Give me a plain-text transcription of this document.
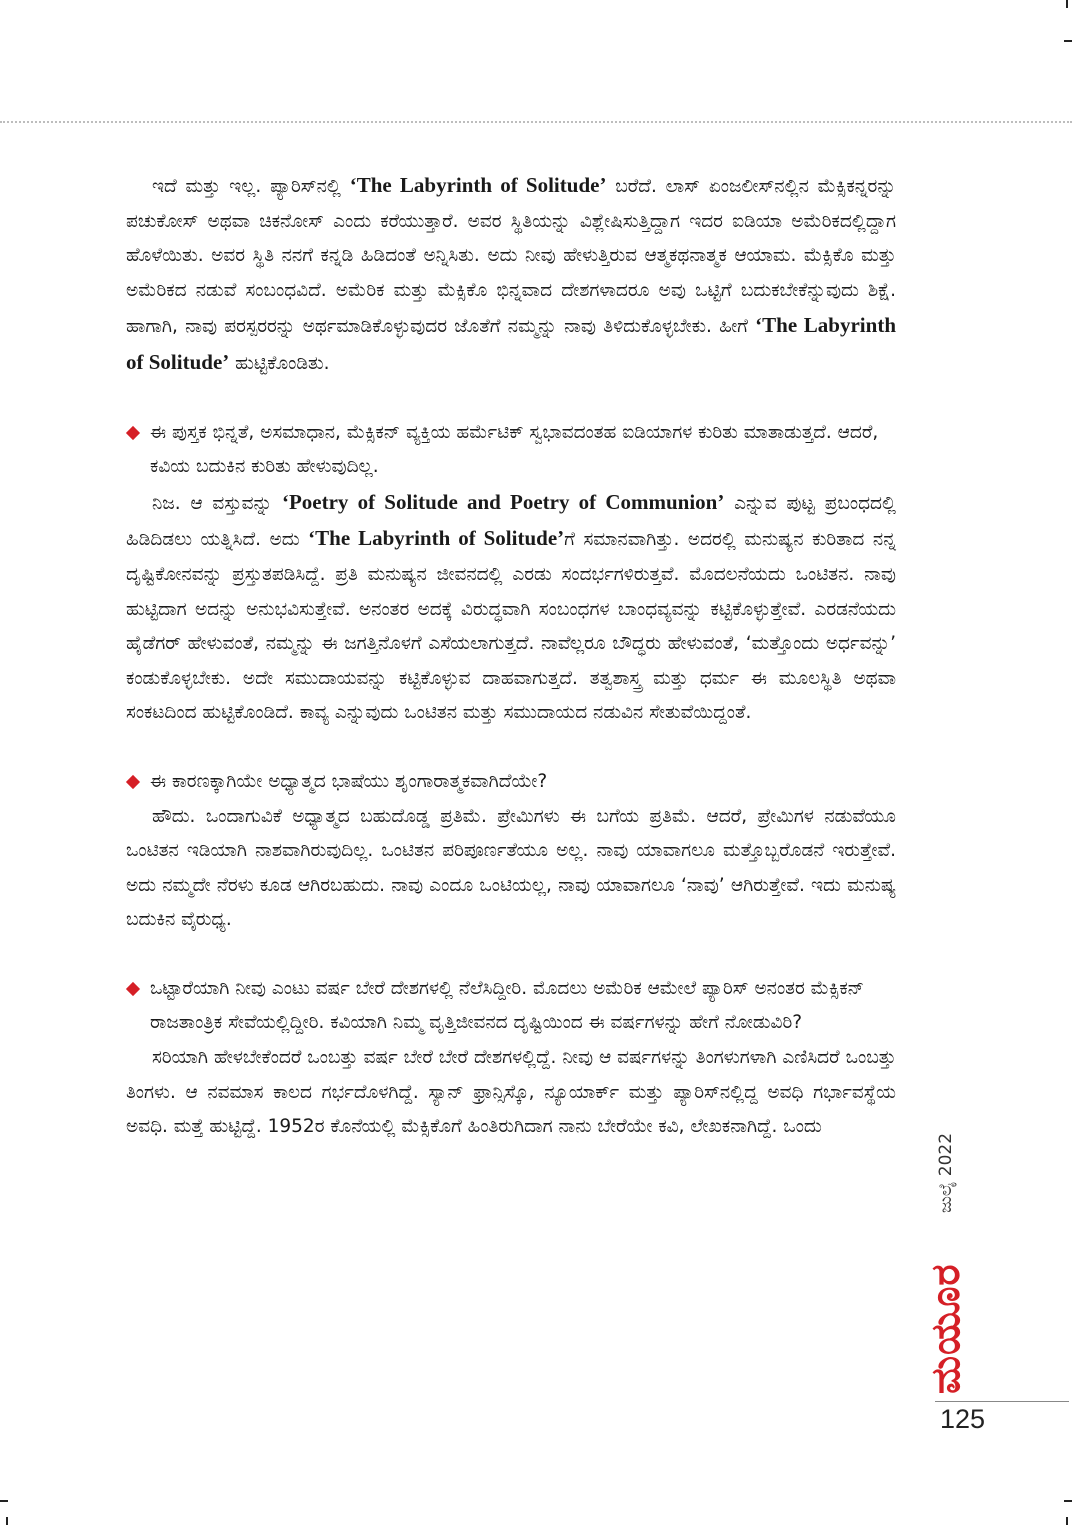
ಇದೆ ಮತ್ತು ಇಲ್ಲ. ಪ್ಯಾರಿಸ್‌ನಲ್ಲಿ ‘The Labyrinth of Solitude’ ಬರೆದೆ. ಲಾಸ್ ಏಂಜಲೀಸ್‌ನಲ್ಲಿನ ಮೆಕ್ಸಿಕನ್ನರನ್ನು ಪಚುಕೋಸ್ ಅಥವಾ ಚಿಕನೋಸ್ ಎಂದು ಕರೆಯುತ್ತಾರೆ. ಅವರ ಸ್ಥಿತಿಯನ್ನು ವಿಶ್ಲೇಷಿಸುತ್ತಿದ್ದಾಗ ಇದರ ಐಡಿಯಾ ಅಮೆರಿಕದಲ್ಲಿದ್ದಾಗ ಹೊಳೆಯಿತು. ಅವರ ಸ್ಥಿತಿ ನನಗೆ ಕನ್ನಡಿ ಹಿಡಿದಂತೆ ಅನ್ನಿಸಿತು. ಅದು ನೀವು ಹೇಳುತ್ತಿರುವ ಆತ್ಮಕಥನಾತ್ಮಕ ಆಯಾಮ. ಮೆಕ್ಸಿಕೊ ಮತ್ತು ಅಮೆರಿಕದ ನಡುವೆ ಸಂಬಂಧವಿದೆ. ಅಮೆರಿಕ ಮತ್ತು ಮೆಕ್ಸಿಕೊ ಭಿನ್ನವಾದ ದೇಶಗಳಾದರೂ ಅವು ಒಟ್ಟಿಗೆ ಬದುಕಬೇಕೆನ್ನುವುದು ಶಿಕ್ಷೆ. ಹಾಗಾಗಿ, ನಾವು ಪರಸ್ಪರರನ್ನು ಅರ್ಥಮಾಡಿಕೊಳ್ಳುವುದರ ಜೊತೆಗೆ ನಮ್ಮನ್ನು ನಾವು ತಿಳಿದುಕೊಳ್ಳಬೇಕು. ಹೀಗೆ ‘The Labyrinth of Solitude’ ಹುಟ್ಟಿಕೊಂಡಿತು.

ಈ ಪುಸ್ತಕ ಭಿನ್ನತೆ, ಅಸಮಾಧಾನ, ಮೆಕ್ಸಿಕನ್ ವ್ಯಕ್ತಿಯ ಹರ್ಮೆಟಿಕ್ ಸ್ವಭಾವದಂತಹ ಐಡಿಯಾಗಳ ಕುರಿತು ಮಾತಾಡುತ್ತದೆ. ಆದರೆ, ಕವಿಯ ಬದುಕಿನ ಕುರಿತು ಹೇಳುವುದಿಲ್ಲ.

ನಿಜ. ಆ ವಸ್ತುವನ್ನು ‘Poetry of Solitude and Poetry of Communion’ ಎನ್ನುವ ಪುಟ್ಟ ಪ್ರಬಂಧದಲ್ಲಿ ಹಿಡಿದಿಡಲು ಯತ್ನಿಸಿದೆ. ಅದು ‘The Labyrinth of Solitude’ಗೆ ಸಮಾನವಾಗಿತ್ತು. ಅದರಲ್ಲಿ ಮನುಷ್ಯನ ಕುರಿತಾದ ನನ್ನ ದೃಷ್ಟಿಕೋನವನ್ನು ಪ್ರಸ್ತುತಪಡಿಸಿದ್ದೆ. ಪ್ರತಿ ಮನುಷ್ಯನ ಜೀವನದಲ್ಲಿ ಎರಡು ಸಂದರ್ಭಗಳಿರುತ್ತವೆ. ಮೊದಲನೆಯದು ಒಂಟಿತನ. ನಾವು ಹುಟ್ಟಿದಾಗ ಅದನ್ನು ಅನುಭವಿಸುತ್ತೇವೆ. ಅನಂತರ ಅದಕ್ಕೆ ವಿರುದ್ಧವಾಗಿ ಸಂಬಂಧಗಳ ಬಾಂಧವ್ಯವನ್ನು ಕಟ್ಟಿಕೊಳ್ಳುತ್ತೇವೆ. ಎರಡನೆಯದು ಹೈಡೆಗರ್ ಹೇಳುವಂತೆ, ನಮ್ಮನ್ನು ಈ ಜಗತ್ತಿನೊಳಗೆ ಎಸೆಯಲಾಗುತ್ತದೆ. ನಾವೆಲ್ಲರೂ ಬೌದ್ಧರು ಹೇಳುವಂತೆ, ‘ಮತ್ತೊಂದು ಅರ್ಧವನ್ನು’ ಕಂಡುಕೊಳ್ಳಬೇಕು. ಅದೇ ಸಮುದಾಯವನ್ನು ಕಟ್ಟಿಕೊಳ್ಳುವ ದಾಹವಾಗುತ್ತದೆ. ತತ್ವಶಾಸ್ತ್ರ ಮತ್ತು ಧರ್ಮ ಈ ಮೂಲಸ್ಥಿತಿ ಅಥವಾ ಸಂಕಟದಿಂದ ಹುಟ್ಟಿಕೊಂಡಿದೆ. ಕಾವ್ಯ ಎನ್ನುವುದು ಒಂಟಿತನ ಮತ್ತು ಸಮುದಾಯದ ನಡುವಿನ ಸೇತುವೆಯಿದ್ದಂತೆ.

ಈ ಕಾರಣಕ್ಕಾಗಿಯೇ ಅಧ್ಯಾತ್ಮದ ಭಾಷೆಯು ಶೃಂಗಾರಾತ್ಮಕವಾಗಿದೆಯೇ?

ಹೌದು. ಒಂದಾಗುವಿಕೆ ಅಧ್ಯಾತ್ಮದ ಬಹುದೊಡ್ಡ ಪ್ರತಿಮೆ. ಪ್ರೇಮಿಗಳು ಈ ಬಗೆಯ ಪ್ರತಿಮೆ. ಆದರೆ, ಪ್ರೇಮಿಗಳ ನಡುವೆಯೂ ಒಂಟಿತನ ಇಡಿಯಾಗಿ ನಾಶವಾಗಿರುವುದಿಲ್ಲ. ಒಂಟಿತನ ಪರಿಪೂರ್ಣತೆಯೂ ಅಲ್ಲ. ನಾವು ಯಾವಾಗಲೂ ಮತ್ತೊಬ್ಬರೊಡನೆ ಇರುತ್ತೇವೆ. ಅದು ನಮ್ಮದೇ ನೆರಳು ಕೂಡ ಆಗಿರಬಹುದು. ನಾವು ಎಂದೂ ಒಂಟಿಯಲ್ಲ, ನಾವು ಯಾವಾಗಲೂ ‘ನಾವು’ ಆಗಿರುತ್ತೇವೆ. ಇದು ಮನುಷ್ಯ ಬದುಕಿನ ವೈರುಧ್ಯ.

ಒಟ್ಟಾರೆಯಾಗಿ ನೀವು ಎಂಟು ವರ್ಷ ಬೇರೆ ದೇಶಗಳಲ್ಲಿ ನೆಲೆಸಿದ್ದೀರಿ. ಮೊದಲು ಅಮೆರಿಕ ಆಮೇಲೆ ಪ್ಯಾರಿಸ್ ಅನಂತರ ಮೆಕ್ಸಿಕನ್ ರಾಜತಾಂತ್ರಿಕ ಸೇವೆಯಲ್ಲಿದ್ದೀರಿ. ಕವಿಯಾಗಿ ನಿಮ್ಮ ವೃತ್ತಿಜೀವನದ ದೃಷ್ಟಿಯಿಂದ ಈ ವರ್ಷಗಳನ್ನು ಹೇಗೆ ನೋಡುವಿರಿ?

ಸರಿಯಾಗಿ ಹೇಳಬೇಕೆಂದರೆ ಒಂಬತ್ತು ವರ್ಷ ಬೇರೆ ಬೇರೆ ದೇಶಗಳಲ್ಲಿದ್ದೆ. ನೀವು ಆ ವರ್ಷಗಳನ್ನು ತಿಂಗಳುಗಳಾಗಿ ಎಣಿಸಿದರೆ ಒಂಬತ್ತು ತಿಂಗಳು. ಆ ನವಮಾಸ ಕಾಲದ ಗರ್ಭದೊಳಗಿದ್ದೆ. ಸ್ಯಾನ್ ಫ್ರಾನ್ಸಿಸ್ಕೊ, ನ್ಯೂಯಾರ್ಕ್ ಮತ್ತು ಪ್ಯಾರಿಸ್‌ನಲ್ಲಿದ್ದ ಅವಧಿ ಗರ್ಭಾವಸ್ಥೆಯ ಅವಧಿ. ಮತ್ತೆ ಹುಟ್ಟಿದ್ದೆ. 1952ರ ಕೊನೆಯಲ್ಲಿ ಮೆಕ್ಸಿಕೊಗೆ ಹಿಂತಿರುಗಿದಾಗ ನಾನು ಬೇರೆಯೇ ಕವಿ, ಲೇಖಕನಾಗಿದ್ದೆ. ಒಂದು

ಜುಲೈ 2022
ಮಯೂರ
125
